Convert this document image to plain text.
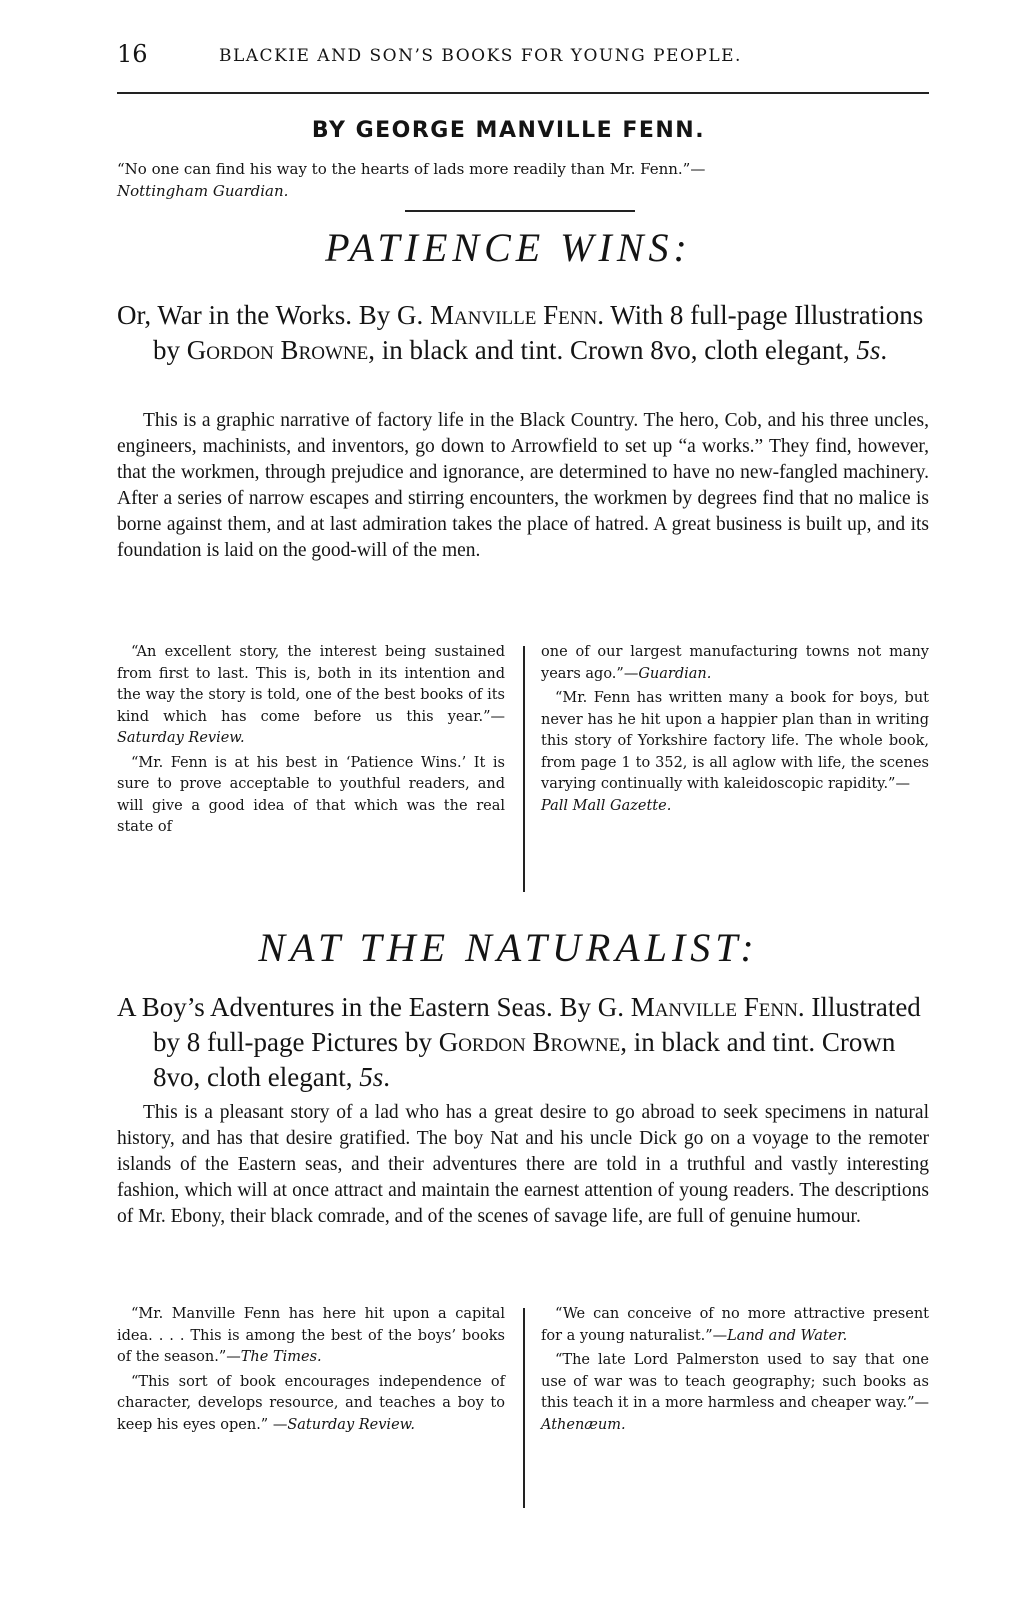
16	BLACKIE AND SON’S BOOKS FOR YOUNG PEOPLE.
BY GEORGE MANVILLE FENN.
“No one can find his way to the hearts of lads more readily than Mr. Fenn.”—
Nottingham Guardian.
PATIENCE WINS:
Or, War in the Works. By G. Manville Fenn. With 8 full-page Illustrations by Gordon Browne, in black and tint. Crown 8vo, cloth elegant, 5s.
This is a graphic narrative of factory life in the Black Country. The hero, Cob, and his three uncles, engineers, machinists, and inventors, go down to Arrowfield to set up “a works.” They find, however, that the workmen, through prejudice and ignorance, are determined to have no new-fangled machinery. After a series of narrow escapes and stirring encounters, the workmen by degrees find that no malice is borne against them, and at last admiration takes the place of hatred. A great business is built up, and its foundation is laid on the good-will of the men.

“An excellent story, the interest being sustained from first to last. This is, both in its intention and the way the story is told, one of the best books of its kind which has come before us this year.”—Saturday Review.

“Mr. Fenn is at his best in ‘Patience Wins.’ It is sure to prove acceptable to youthful readers, and will give a good idea of that which was the real state of

one of our largest manufacturing towns not many years ago.”—Guardian.

“Mr. Fenn has written many a book for boys, but never has he hit upon a happier plan than in writing this story of Yorkshire factory life. The whole book, from page 1 to 352, is all aglow with life, the scenes varying continually with kaleidoscopic rapidity.”—
Pall Mall Gazette.

NAT THE NATURALIST:
A Boy’s Adventures in the Eastern Seas. By G. Manville Fenn. Illustrated by 8 full-page Pictures by Gordon Browne, in black and tint. Crown 8vo, cloth elegant, 5s.
This is a pleasant story of a lad who has a great desire to go abroad to seek specimens in natural history, and has that desire gratified. The boy Nat and his uncle Dick go on a voyage to the remoter islands of the Eastern seas, and their adventures there are told in a truthful and vastly interesting fashion, which will at once attract and maintain the earnest attention of young readers. The descriptions of Mr. Ebony, their black comrade, and of the scenes of savage life, are full of genuine humour.

“Mr. Manville Fenn has here hit upon a capital idea. . . . This is among the best of the boys’ books of the season.”—The Times.

“This sort of book encourages independence of character, develops resource, and teaches a boy to keep his eyes open.” —Saturday Review.

“We can conceive of no more attractive present for a young naturalist.”—Land and Water.

“The late Lord Palmerston used to say that one use of war was to teach geography; such books as this teach it in a more harmless and cheaper way.”—Athenæum.
